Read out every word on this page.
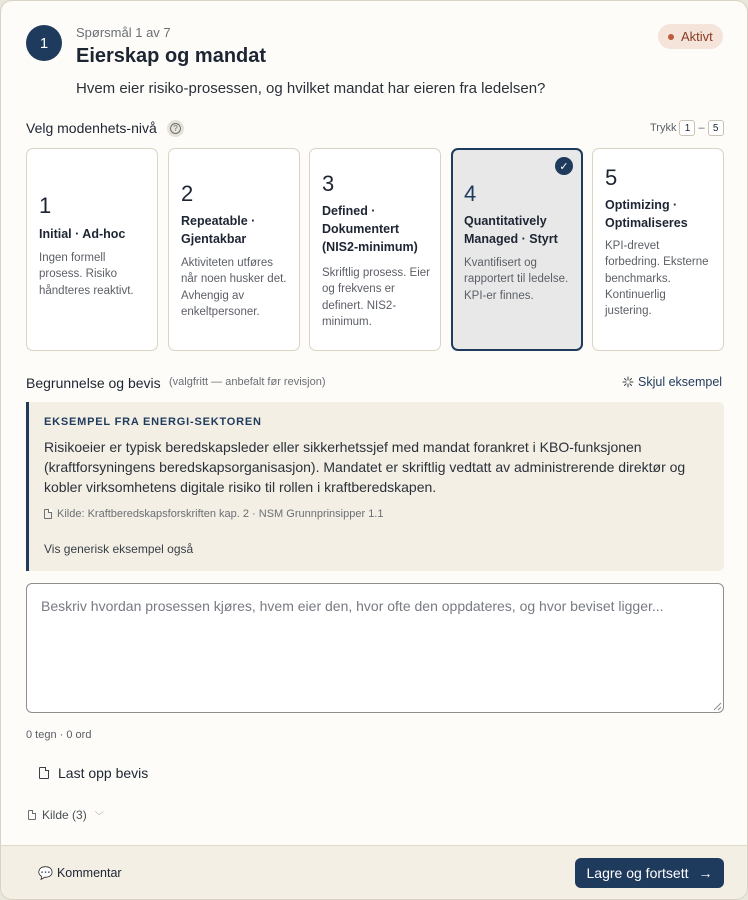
1
Spørsmål 1 av 7
Eierskap og mandat
Hvem eier risiko-prosessen, og hvilket mandat har eieren fra ledelsen?
Aktivt
Velg modenhets-nivå	?	Trykk 1 – 5
1
Initial · Ad-hoc
Ingen formell prosess. Risiko håndteres reaktivt.
2
Repeatable · Gjentakbar
Aktiviteten utføres når noen husker det. Avhengig av enkeltpersoner.
3
Defined · Dokumentert (NIS2-minimum)
Skriftlig prosess. Eier og frekvens er definert. NIS2-minimum.
✓
4
Quantitatively Managed · Styrt
Kvantifisert og rapportert til ledelse. KPI-er finnes.
5
Optimizing · Optimaliseres
KPI-drevet forbedring. Eksterne benchmarks. Kontinuerlig justering.
Begrunnelse og bevis (valgfritt — anbefalt før revisjon)	Skjul eksempel
EKSEMPEL FRA ENERGI-SEKTOREN
Risikoeier er typisk beredskapsleder eller sikkerhetssjef med mandat forankret i KBO-funksjonen (kraftforsyningens beredskapsorganisasjon). Mandatet er skriftlig vedtatt av administrerende direktør og kobler virksomhetens digitale risiko til rollen i kraftberedskapen.
Kilde: Kraftberedskapsforskriften kap. 2 · NSM Grunnprinsipper 1.1
Vis generisk eksempel også
Beskriv hvordan prosessen kjøres, hvem eier den, hvor ofte den oppdateres, og hvor beviset ligger...
0 tegn · 0 ord
Last opp bevis
Kilde (3) ﹀
💬 Kommentar	Lagre og fortsett →
